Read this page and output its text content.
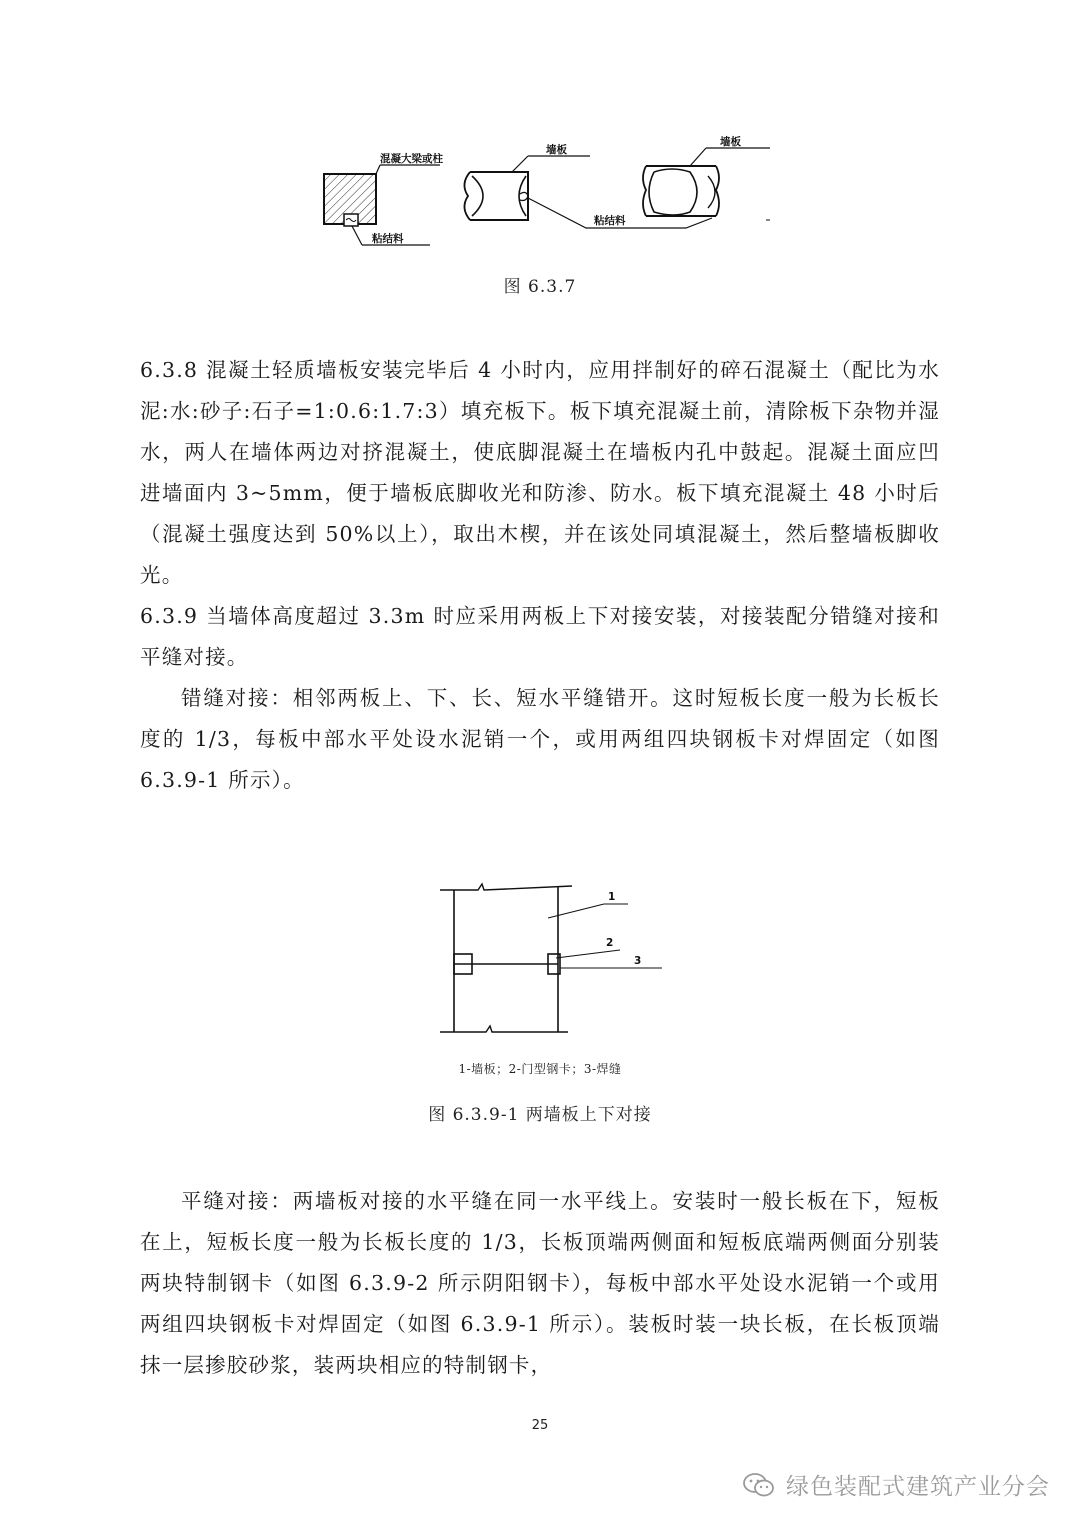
混凝大梁或柱
粘结料
墙板
墙板
粘结料
图 6.3.7

6.3.8 混凝土轻质墙板安装完毕后 4 小时内，应用拌制好的碎石混凝土（配比为水泥:水:砂子:石子=1:0.6:1.7:3）填充板下。板下填充混凝土前，清除板下杂物并湿水，两人在墙体两边对挤混凝土，使底脚混凝土在墙板内孔中鼓起。混凝土面应凹进墙面内 3~5mm，便于墙板底脚收光和防渗、防水。板下填充混凝土 48 小时后（混凝土强度达到 50%以上），取出木楔，并在该处同填混凝土，然后整墙板脚收光。

6.3.9 当墙体高度超过 3.3m 时应采用两板上下对接安装，对接装配分错缝对接和平缝对接。

错缝对接：相邻两板上、下、长、短水平缝错开。这时短板长度一般为长板长度的 1/3，每板中部水平处设水泥销一个，或用两组四块钢板卡对焊固定（如图 6.3.9-1 所示）。

1
2
3
1-墙板；2-门型钢卡；3-焊缝
图 6.3.9-1 两墙板上下对接

平缝对接：两墙板对接的水平缝在同一水平线上。安装时一般长板在下，短板在上，短板长度一般为长板长度的 1/3，长板顶端两侧面和短板底端两侧面分别装两块特制钢卡（如图 6.3.9-2 所示阴阳钢卡），每板中部水平处设水泥销一个或用两组四块钢板卡对焊固定（如图 6.3.9-1 所示）。装板时装一块长板，在长板顶端抹一层掺胶砂浆，装两块相应的特制钢卡，

25
绿色装配式建筑产业分会
